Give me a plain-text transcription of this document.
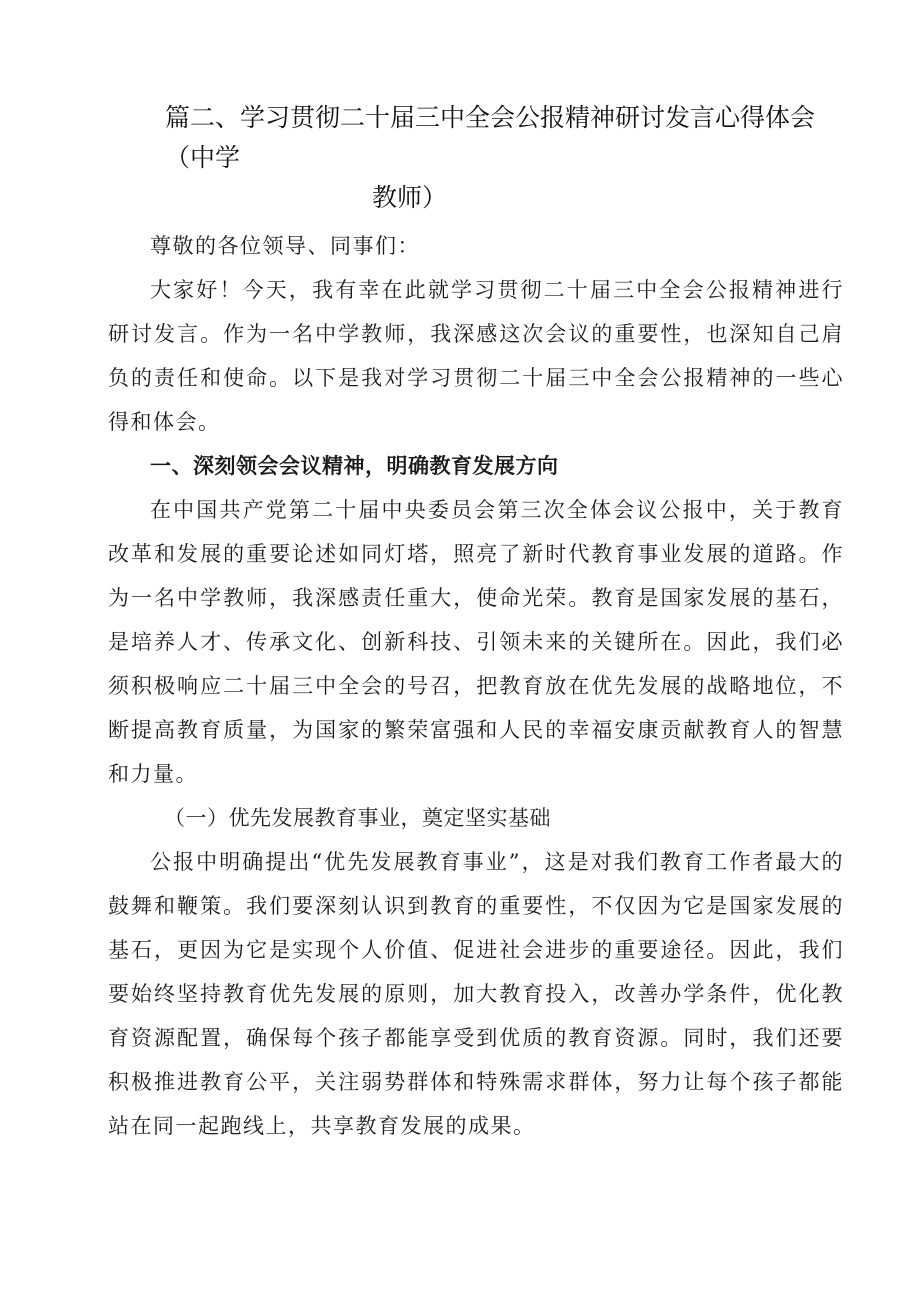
篇二、学习贯彻二十届三中全会公报精神研讨发言心得体会（中学
教师）

尊敬的各位领导、同事们：

大家好！今天，我有幸在此就学习贯彻二十届三中全会公报精神进行研讨发言。作为一名中学教师，我深感这次会议的重要性，也深知自己肩负的责任和使命。以下是我对学习贯彻二十届三中全会公报精神的一些心得和体会。

一、深刻领会会议精神，明确教育发展方向

在中国共产党第二十届中央委员会第三次全体会议公报中，关于教育改革和发展的重要论述如同灯塔，照亮了新时代教育事业发展的道路。作为一名中学教师，我深感责任重大，使命光荣。教育是国家发展的基石，是培养人才、传承文化、创新科技、引领未来的关键所在。因此，我们必须积极响应二十届三中全会的号召，把教育放在优先发展的战略地位，不断提高教育质量，为国家的繁荣富强和人民的幸福安康贡献教育人的智慧和力量。

（一）优先发展教育事业，奠定坚实基础

公报中明确提出“优先发展教育事业”，这是对我们教育工作者最大的鼓舞和鞭策。我们要深刻认识到教育的重要性，不仅因为它是国家发展的基石，更因为它是实现个人价值、促进社会进步的重要途径。因此，我们要始终坚持教育优先发展的原则，加大教育投入，改善办学条件，优化教育资源配置，确保每个孩子都能享受到优质的教育资源。同时，我们还要积极推进教育公平，关注弱势群体和特殊需求群体，努力让每个孩子都能站在同一起跑线上，共享教育发展的成果。
